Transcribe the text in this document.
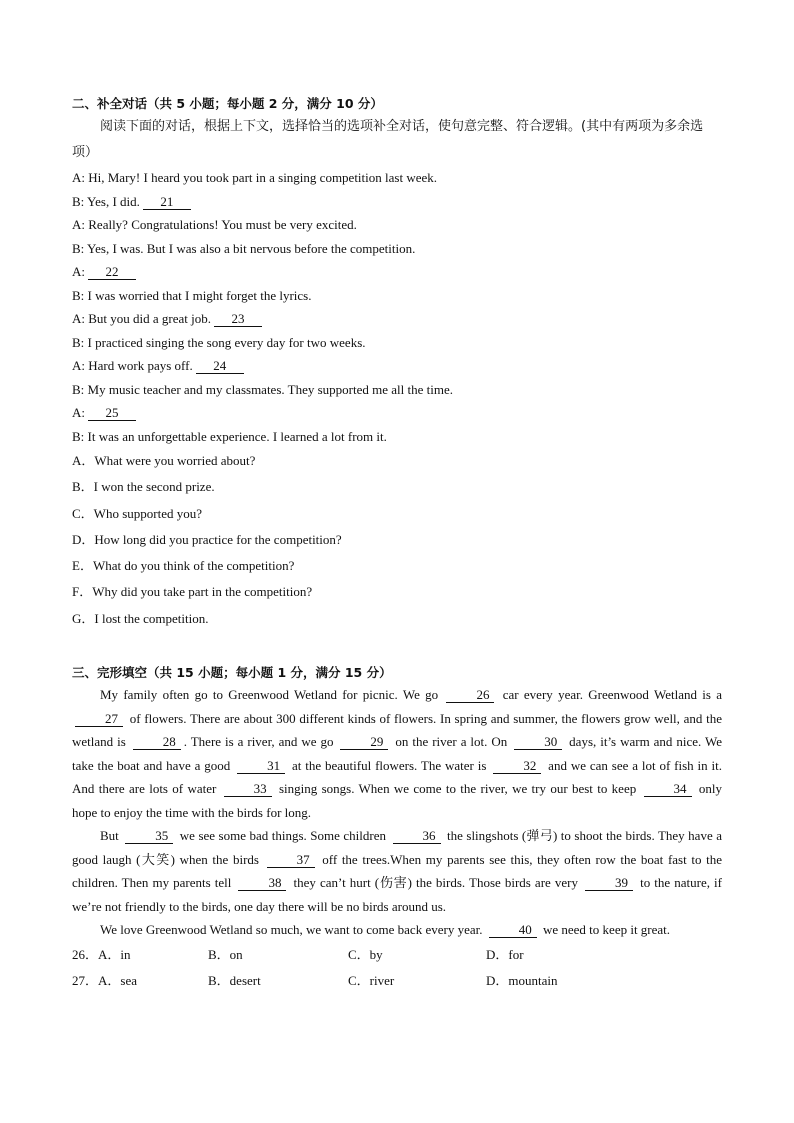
二、补全对话（共 5 小题；每小题 2 分，满分 10 分）

阅读下面的对话，根据上下文，选择恰当的选项补全对话，使句意完整、符合逻辑。(其中有两项为多余选项）

A: Hi, Mary! I heard you took part in a singing competition last week.

B: Yes, I did. 21

A: Really? Congratulations! You must be very excited.

B: Yes, I was. But I was also a bit nervous before the competition.

A: 22

B: I was worried that I might forget the lyrics.

A: But you did a great job. 23

B: I practiced singing the song every day for two weeks.

A: Hard work pays off. 24

B: My music teacher and my classmates. They supported me all the time.

A: 25

B: It was an unforgettable experience. I learned a lot from it.

A．What were you worried about?

B．I won the second prize.

C．Who supported you?

D．How long did you practice for the competition?

E．What do you think of the competition?

F．Why did you take part in the competition?

G．I lost the competition.

三、完形填空（共 15 小题；每小题 1 分，满分 15 分）

My family often go to Greenwood Wetland for picnic. We go	26 car every year. Greenwood Wetland is a 27 of flowers. There are about 300 different kinds of flowers. In spring and summer, the flowers grow well, and the wetland is	28 . There is a river, and we go	29 on the river a lot. On	30 days, it’s warm and nice. We take the boat and have a good	31 at the beautiful flowers. The water is	32 and we can see a lot of fish in it. And there are lots of water	33 singing songs. When we come to the river, we try our best to keep	34 only hope to enjoy the time with the birds for long.

But	35 we see some bad things. Some children	36 the slingshots (弹弓) to shoot the birds. They have a good laugh (大笑) when the birds	37 off the trees.When my parents see this, they often row the boat fast to the children. Then my parents tell	38 they can’t hurt (伤害) the birds. Those birds are very	39 to the nature, if we’re not friendly to the birds, one day there will be no birds around us.

We love Greenwood Wetland so much, we want to come back every year.	40 we need to keep it great.

26．A．in	B．on	C．by	D．for
27．A．sea	B．desert	C．river	D．mountain
